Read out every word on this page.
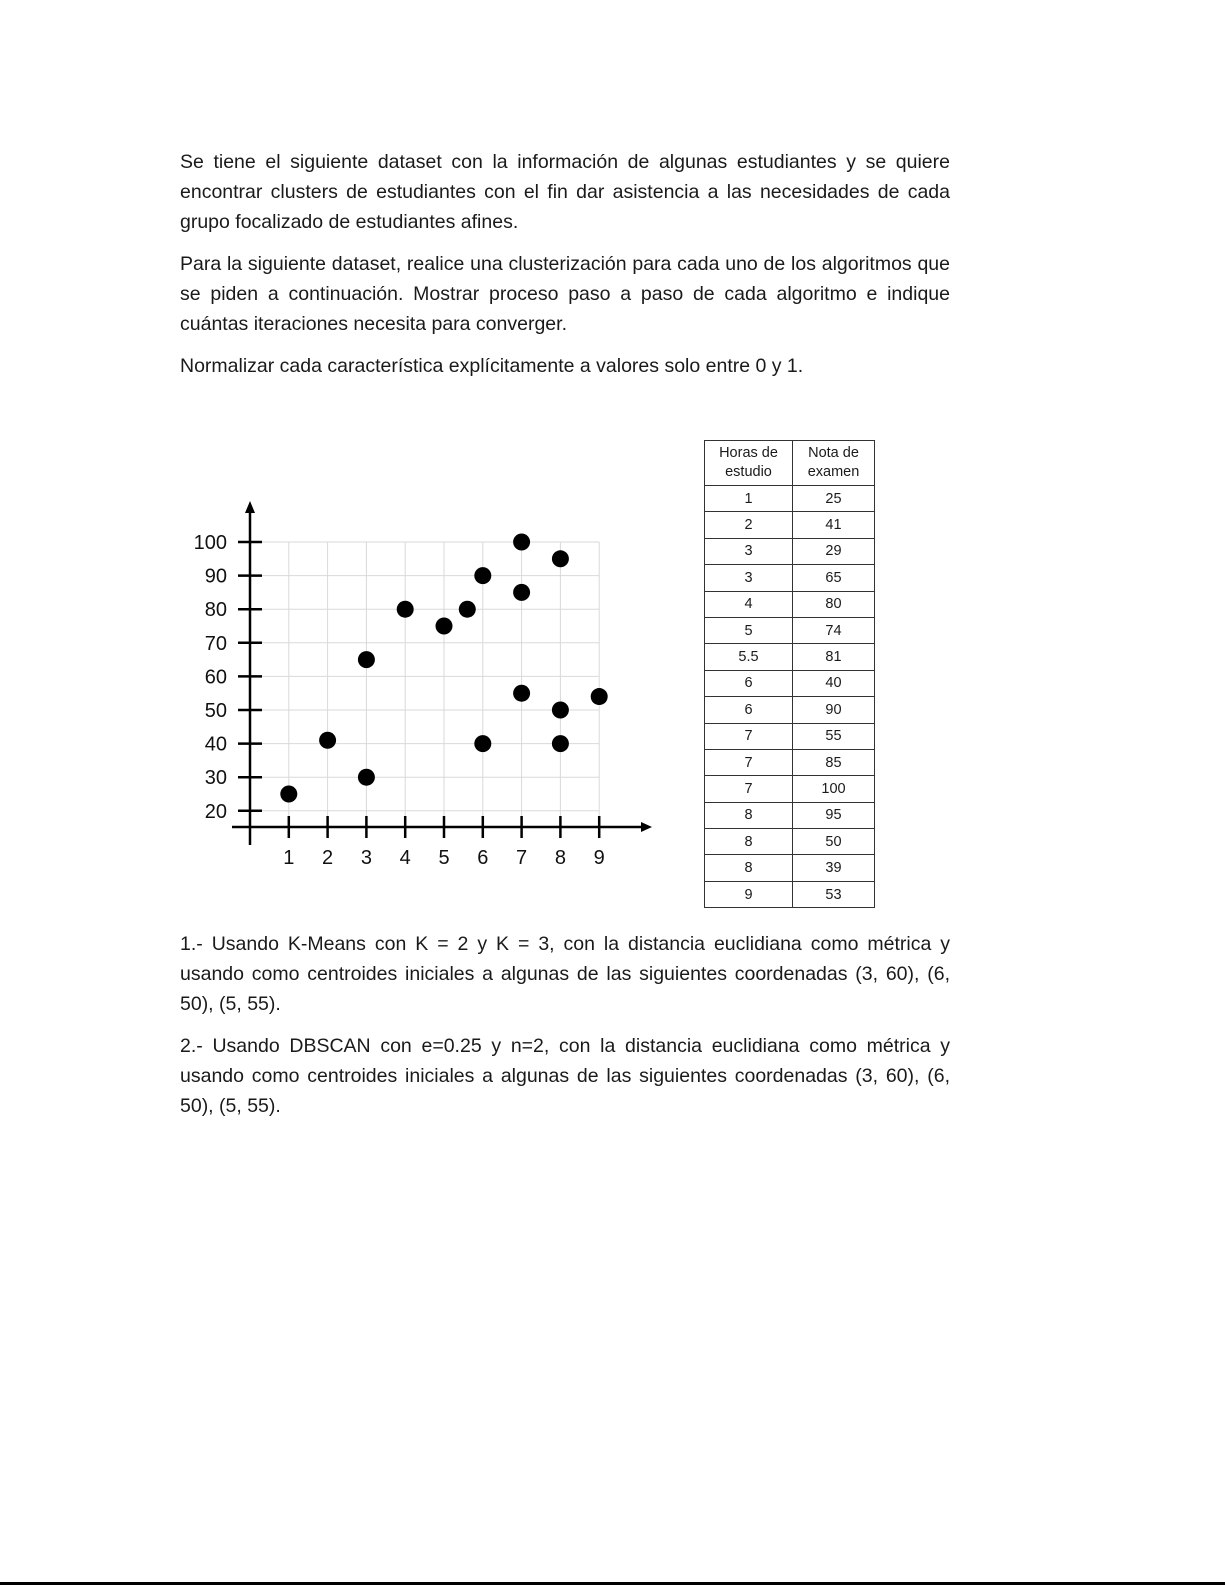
Se tiene el siguiente dataset con la información de algunas estudiantes y se quiere encontrar clusters de estudiantes con el fin dar asistencia a las necesidades de cada grupo focalizado de estudiantes afines.

Para la siguiente dataset, realice una clusterización para cada uno de los algoritmos que se piden a continuación. Mostrar proceso paso a paso de cada algoritmo e indique cuántas iteraciones necesita para converger.

Normalizar cada característica explícitamente a valores solo entre 0 y 1.

1 2 3 4 5 6 7 8 9
20
30
40
50
60
70
80
90
100
Horas de
estudio	Nota de
examen
1	25
2	41
3	29
3	65
4	80
5	74
5.5	81
6	40
6	90
7	55
7	85
7	100
8	95
8	50
8	39
9	53

1.- Usando K-Means con K = 2 y K = 3, con la distancia euclidiana como métrica y usando como centroides iniciales a algunas de las siguientes coordenadas (3, 60), (6, 50), (5, 55).

2.- Usando DBSCAN con e=0.25 y n=2, con la distancia euclidiana como métrica y usando como centroides iniciales a algunas de las siguientes coordenadas (3, 60), (6, 50), (5, 55).
